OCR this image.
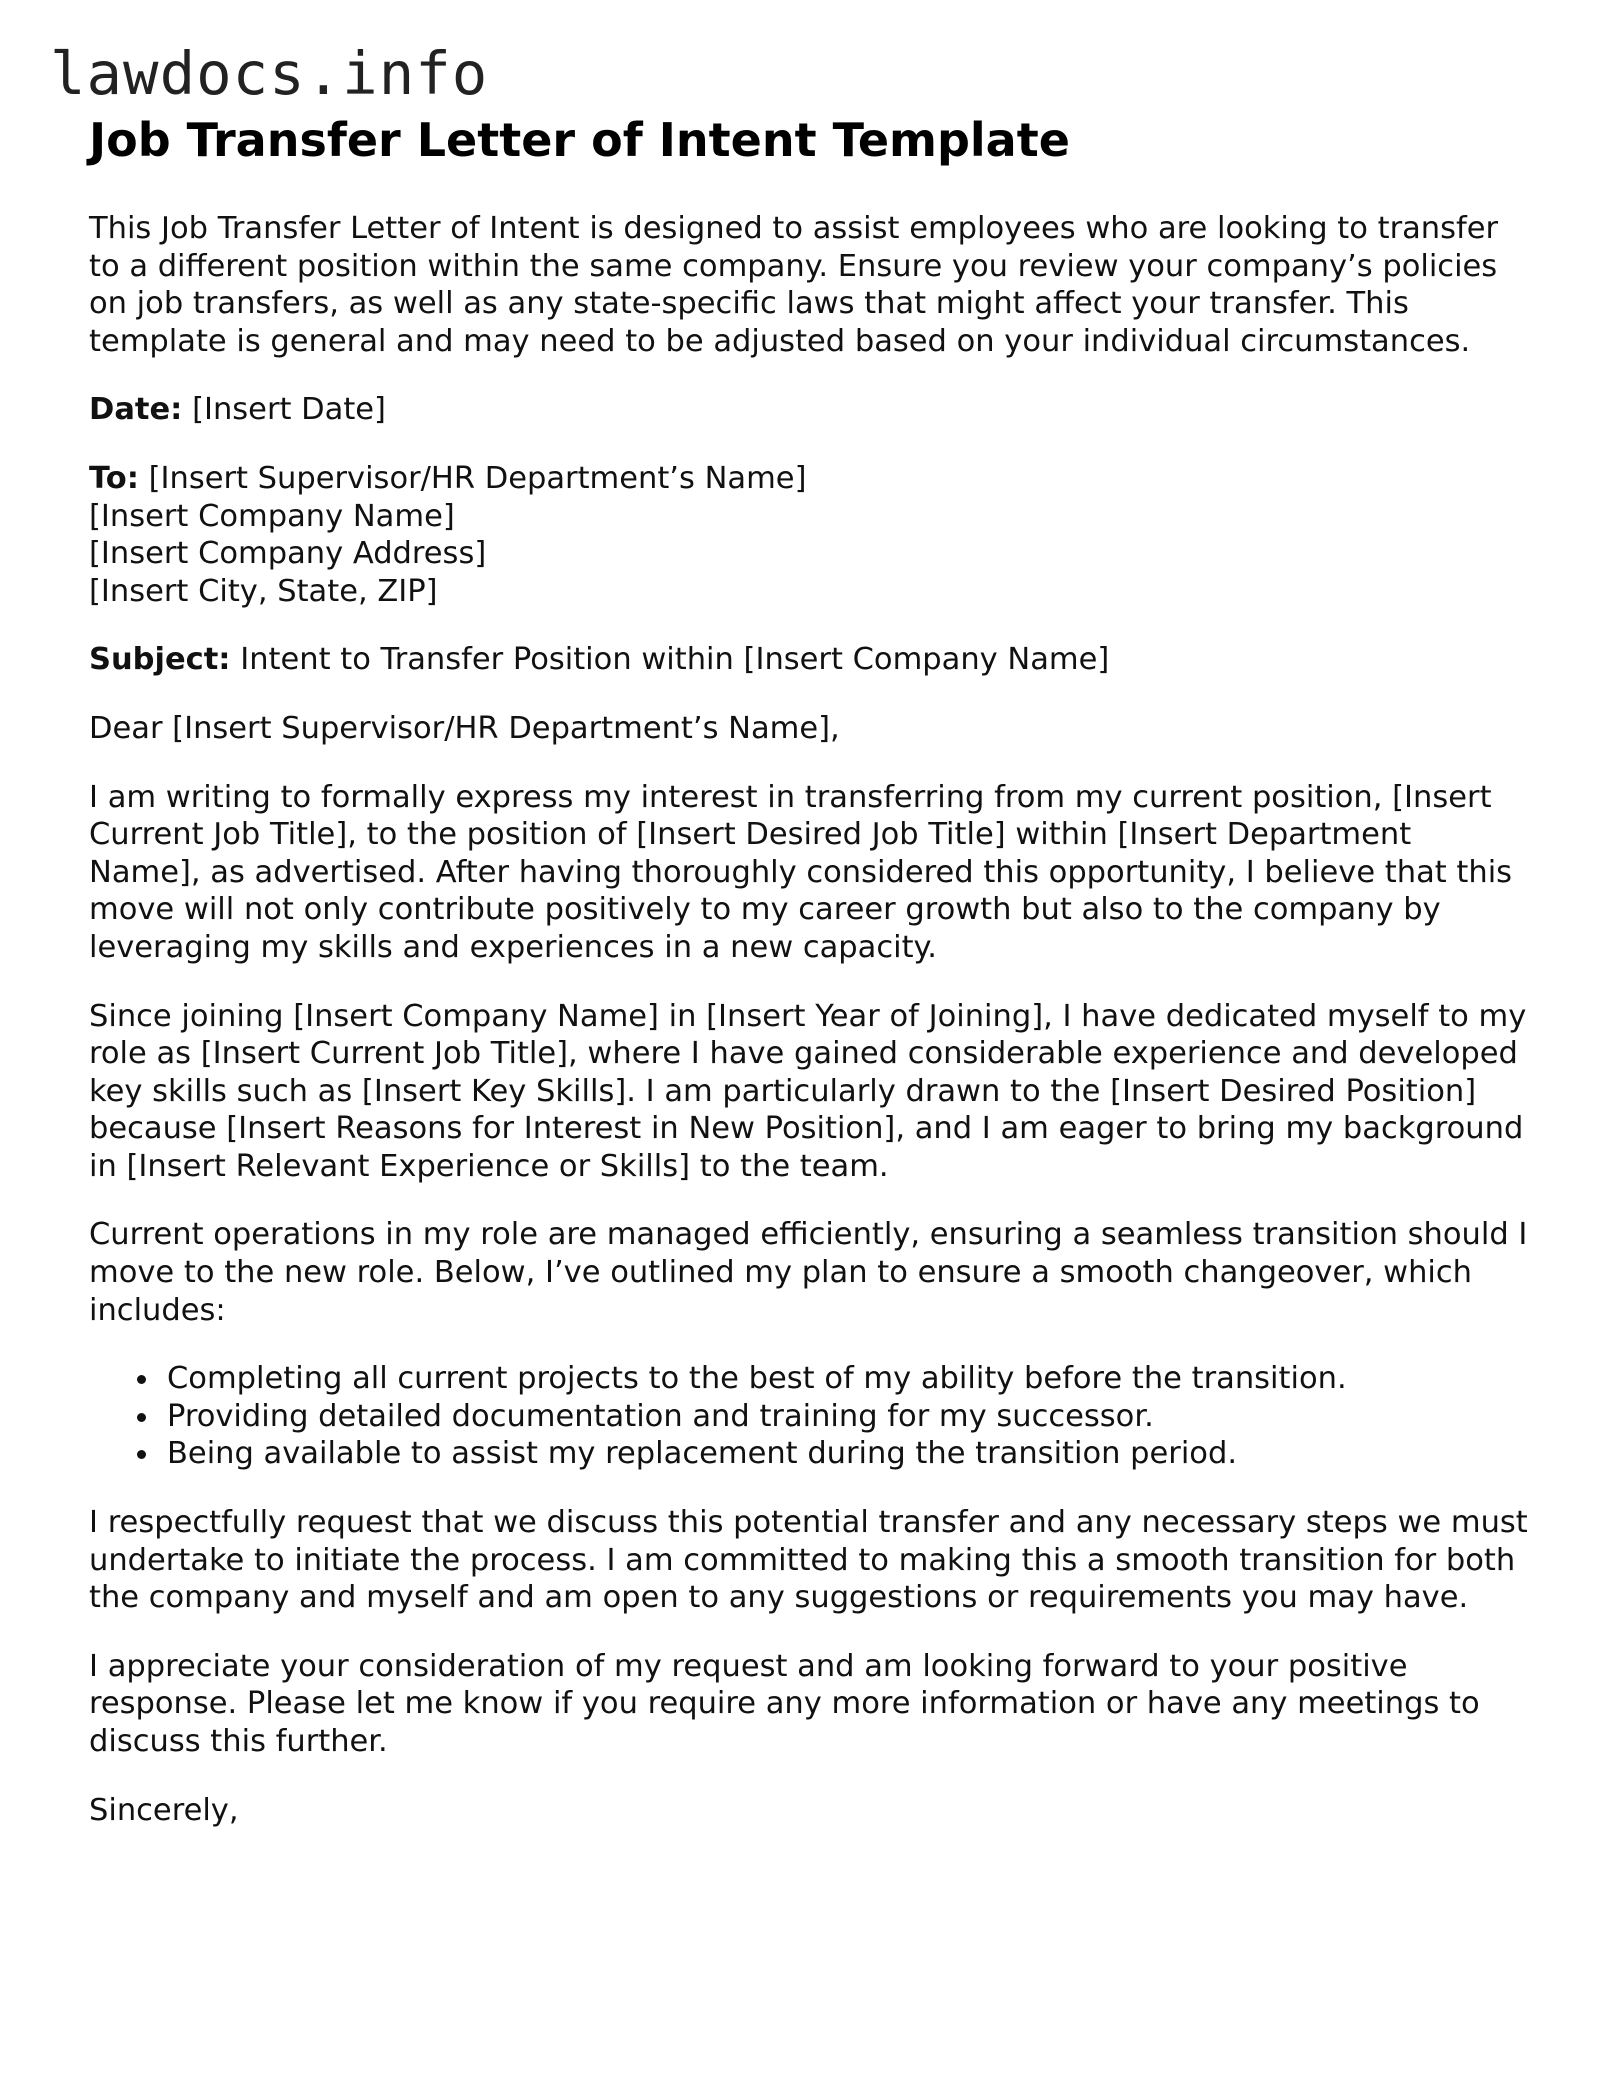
lawdocs.info
Job Transfer Letter of Intent Template

This Job Transfer Letter of Intent is designed to assist employees who are looking to transfer to a different position within the same company. Ensure you review your company’s policies on job transfers, as well as any state-specific laws that might affect your transfer. This template is general and may need to be adjusted based on your individual circumstances.

Date: [Insert Date]

To: [Insert Supervisor/HR Department’s Name]
[Insert Company Name]
[Insert Company Address]
[Insert City, State, ZIP]

Subject: Intent to Transfer Position within [Insert Company Name]

Dear [Insert Supervisor/HR Department’s Name],

I am writing to formally express my interest in transferring from my current position, [Insert Current Job Title], to the position of [Insert Desired Job Title] within [Insert Department Name], as advertised. After having thoroughly considered this opportunity, I believe that this move will not only contribute positively to my career growth but also to the company by leveraging my skills and experiences in a new capacity.

Since joining [Insert Company Name] in [Insert Year of Joining], I have dedicated myself to my role as [Insert Current Job Title], where I have gained considerable experience and developed key skills such as [Insert Key Skills]. I am particularly drawn to the [Insert Desired Position] because [Insert Reasons for Interest in New Position], and I am eager to bring my background in [Insert Relevant Experience or Skills] to the team.

Current operations in my role are managed efficiently, ensuring a seamless transition should I move to the new role. Below, I’ve outlined my plan to ensure a smooth changeover, which includes:

Completing all current projects to the best of my ability before the transition.
Providing detailed documentation and training for my successor.
Being available to assist my replacement during the transition period.

I respectfully request that we discuss this potential transfer and any necessary steps we must undertake to initiate the process. I am committed to making this a smooth transition for both the company and myself and am open to any suggestions or requirements you may have.

I appreciate your consideration of my request and am looking forward to your positive response. Please let me know if you require any more information or have any meetings to discuss this further.

Sincerely,
